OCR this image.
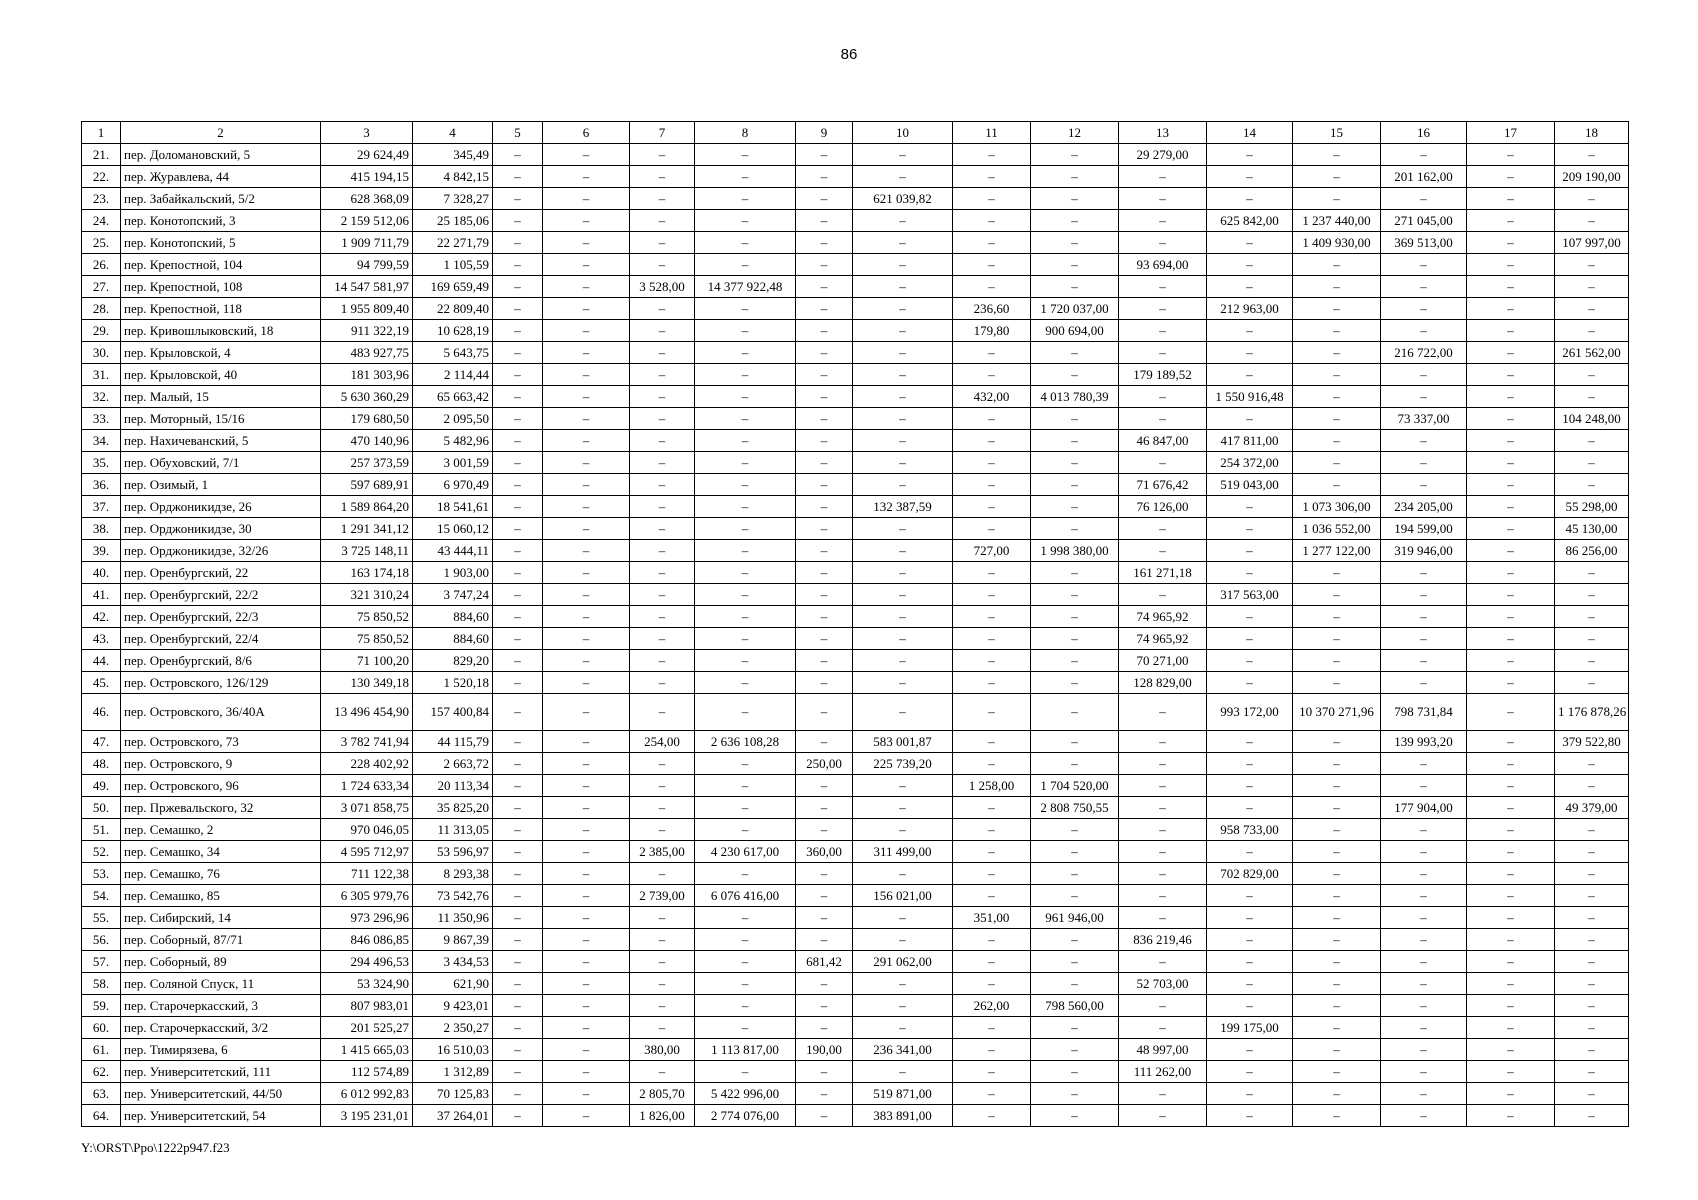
86
1	2	3	4	5	6	7	8	9	10	11	12	13	14	15	16	17	18
21.	пер. Доломановский, 5	29 624,49	345,49	–	–	–	–	–	–	–	–	29 279,00	–	–	–	–	–
22.	пер. Журавлева, 44	415 194,15	4 842,15	–	–	–	–	–	–	–	–	–	–	–	201 162,00	–	209 190,00
23.	пер. Забайкальский, 5/2	628 368,09	7 328,27	–	–	–	–	–	621 039,82	–	–	–	–	–	–	–	–
24.	пер. Конотопский, 3	2 159 512,06	25 185,06	–	–	–	–	–	–	–	–	–	625 842,00	1 237 440,00	271 045,00	–	–
25.	пер. Конотопский, 5	1 909 711,79	22 271,79	–	–	–	–	–	–	–	–	–	–	1 409 930,00	369 513,00	–	107 997,00
26.	пер. Крепостной, 104	94 799,59	1 105,59	–	–	–	–	–	–	–	–	93 694,00	–	–	–	–	–
27.	пер. Крепостной, 108	14 547 581,97	169 659,49	–	–	3 528,00	14 377 922,48	–	–	–	–	–	–	–	–	–	–
28.	пер. Крепостной, 118	1 955 809,40	22 809,40	–	–	–	–	–	–	236,60	1 720 037,00	–	212 963,00	–	–	–	–
29.	пер. Кривошлыковский, 18	911 322,19	10 628,19	–	–	–	–	–	–	179,80	900 694,00	–	–	–	–	–	–
30.	пер. Крыловской, 4	483 927,75	5 643,75	–	–	–	–	–	–	–	–	–	–	–	216 722,00	–	261 562,00
31.	пер. Крыловской, 40	181 303,96	2 114,44	–	–	–	–	–	–	–	–	179 189,52	–	–	–	–	–
32.	пер. Малый, 15	5 630 360,29	65 663,42	–	–	–	–	–	–	432,00	4 013 780,39	–	1 550 916,48	–	–	–	–
33.	пер. Моторный, 15/16	179 680,50	2 095,50	–	–	–	–	–	–	–	–	–	–	–	73 337,00	–	104 248,00
34.	пер. Нахичеванский, 5	470 140,96	5 482,96	–	–	–	–	–	–	–	–	46 847,00	417 811,00	–	–	–	–
35.	пер. Обуховский, 7/1	257 373,59	3 001,59	–	–	–	–	–	–	–	–	–	254 372,00	–	–	–	–
36.	пер. Озимый, 1	597 689,91	6 970,49	–	–	–	–	–	–	–	–	71 676,42	519 043,00	–	–	–	–
37.	пер. Орджоникидзе, 26	1 589 864,20	18 541,61	–	–	–	–	–	132 387,59	–	–	76 126,00	–	1 073 306,00	234 205,00	–	55 298,00
38.	пер. Орджоникидзе, 30	1 291 341,12	15 060,12	–	–	–	–	–	–	–	–	–	–	1 036 552,00	194 599,00	–	45 130,00
39.	пер. Орджоникидзе, 32/26	3 725 148,11	43 444,11	–	–	–	–	–	–	727,00	1 998 380,00	–	–	1 277 122,00	319 946,00	–	86 256,00
40.	пер. Оренбургский, 22	163 174,18	1 903,00	–	–	–	–	–	–	–	–	161 271,18	–	–	–	–	–
41.	пер. Оренбургский, 22/2	321 310,24	3 747,24	–	–	–	–	–	–	–	–	–	317 563,00	–	–	–	–
42.	пер. Оренбургский, 22/3	75 850,52	884,60	–	–	–	–	–	–	–	–	74 965,92	–	–	–	–	–
43.	пер. Оренбургский, 22/4	75 850,52	884,60	–	–	–	–	–	–	–	–	74 965,92	–	–	–	–	–
44.	пер. Оренбургский, 8/6	71 100,20	829,20	–	–	–	–	–	–	–	–	70 271,00	–	–	–	–	–
45.	пер. Островского, 126/129	130 349,18	1 520,18	–	–	–	–	–	–	–	–	128 829,00	–	–	–	–	–
46.	пер. Островского, 36/40А	13 496 454,90	157 400,84	–	–	–	–	–	–	–	–	–	993 172,00	10 370 271,96	798 731,84	–	1 176 878,26
47.	пер. Островского, 73	3 782 741,94	44 115,79	–	–	254,00	2 636 108,28	–	583 001,87	–	–	–	–	–	139 993,20	–	379 522,80
48.	пер. Островского, 9	228 402,92	2 663,72	–	–	–	–	250,00	225 739,20	–	–	–	–	–	–	–	–
49.	пер. Островского, 96	1 724 633,34	20 113,34	–	–	–	–	–	–	1 258,00	1 704 520,00	–	–	–	–	–	–
50.	пер. Пржевальского, 32	3 071 858,75	35 825,20	–	–	–	–	–	–	–	2 808 750,55	–	–	–	177 904,00	–	49 379,00
51.	пер. Семашко, 2	970 046,05	11 313,05	–	–	–	–	–	–	–	–	–	958 733,00	–	–	–	–
52.	пер. Семашко, 34	4 595 712,97	53 596,97	–	–	2 385,00	4 230 617,00	360,00	311 499,00	–	–	–	–	–	–	–	–
53.	пер. Семашко, 76	711 122,38	8 293,38	–	–	–	–	–	–	–	–	–	702 829,00	–	–	–	–
54.	пер. Семашко, 85	6 305 979,76	73 542,76	–	–	2 739,00	6 076 416,00	–	156 021,00	–	–	–	–	–	–	–	–
55.	пер. Сибирский, 14	973 296,96	11 350,96	–	–	–	–	–	–	351,00	961 946,00	–	–	–	–	–	–
56.	пер. Соборный, 87/71	846 086,85	9 867,39	–	–	–	–	–	–	–	–	836 219,46	–	–	–	–	–
57.	пер. Соборный, 89	294 496,53	3 434,53	–	–	–	–	681,42	291 062,00	–	–	–	–	–	–	–	–
58.	пер. Соляной Спуск, 11	53 324,90	621,90	–	–	–	–	–	–	–	–	52 703,00	–	–	–	–	–
59.	пер. Старочеркасский, 3	807 983,01	9 423,01	–	–	–	–	–	–	262,00	798 560,00	–	–	–	–	–	–
60.	пер. Старочеркасский, 3/2	201 525,27	2 350,27	–	–	–	–	–	–	–	–	–	199 175,00	–	–	–	–
61.	пер. Тимирязева, 6	1 415 665,03	16 510,03	–	–	380,00	1 113 817,00	190,00	236 341,00	–	–	48 997,00	–	–	–	–	–
62.	пер. Университетский, 111	112 574,89	1 312,89	–	–	–	–	–	–	–	–	111 262,00	–	–	–	–	–
63.	пер. Университетский, 44/50	6 012 992,83	70 125,83	–	–	2 805,70	5 422 996,00	–	519 871,00	–	–	–	–	–	–	–	–
64.	пер. Университетский, 54	3 195 231,01	37 264,01	–	–	1 826,00	2 774 076,00	–	383 891,00	–	–	–	–	–	–	–	–
Y:\ORST\Ppo\1222p947.f23
